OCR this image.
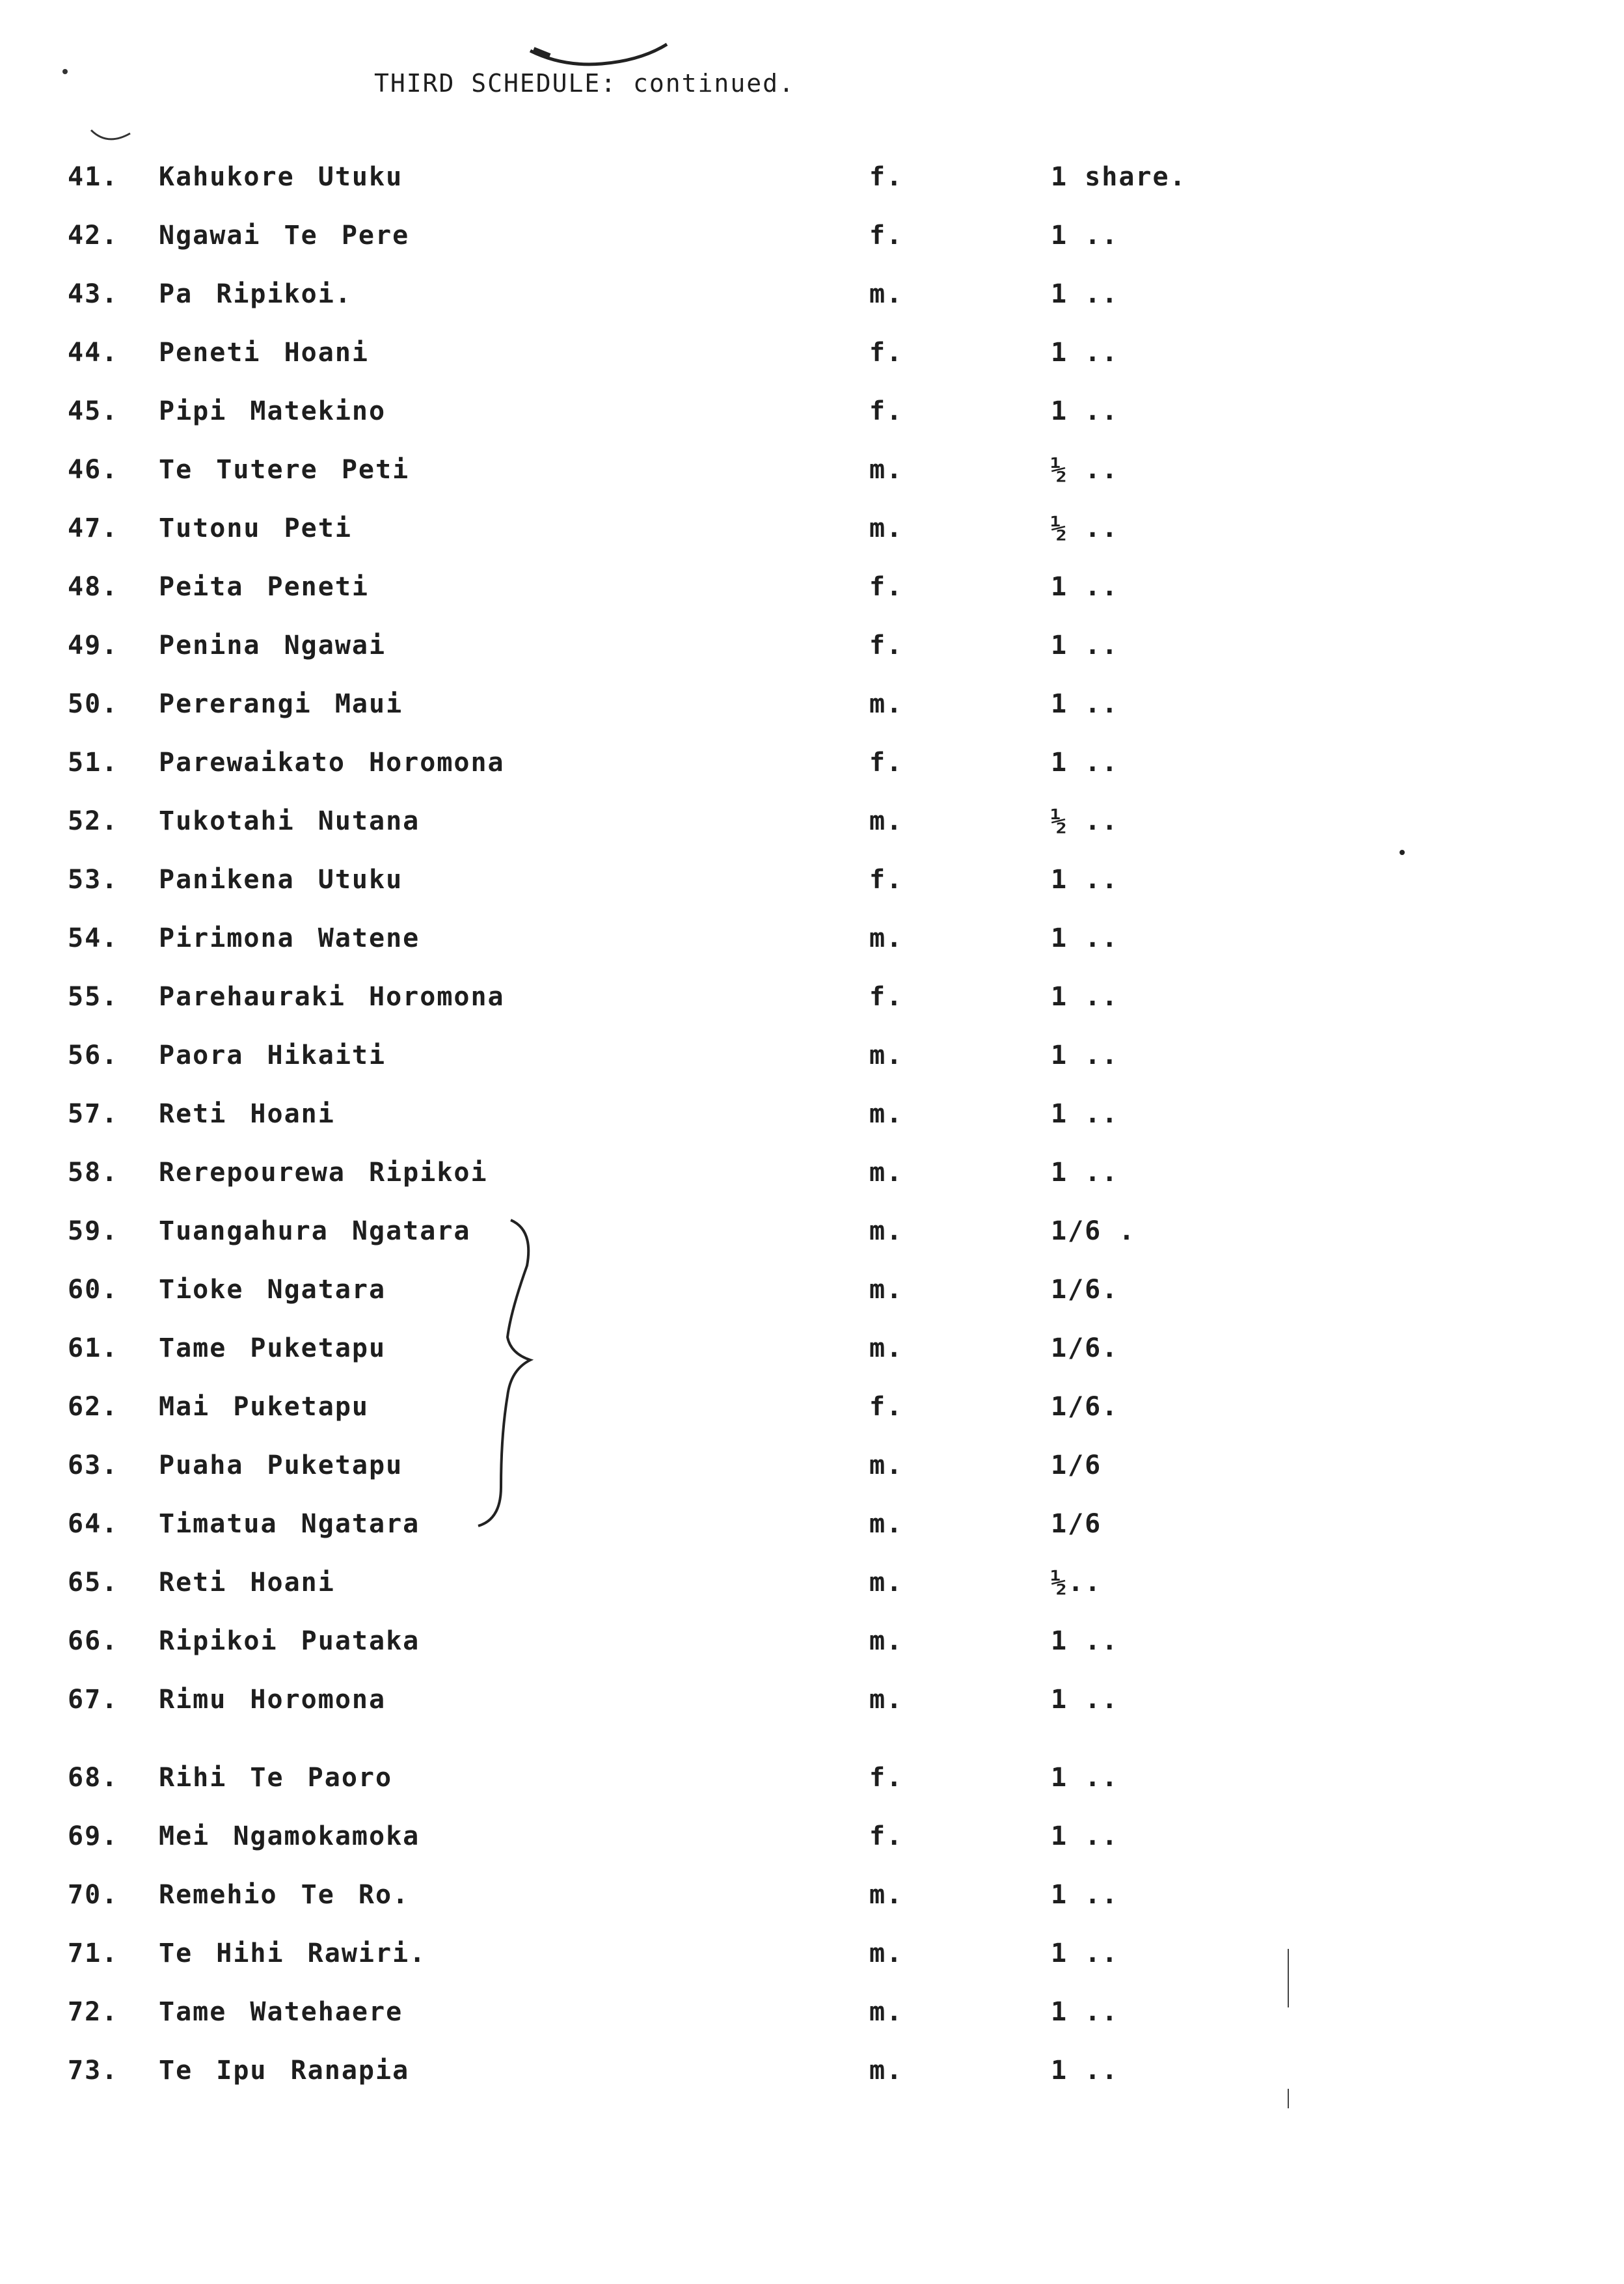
THIRD SCHEDULE: continued.
41. Kahukore Utuku	f.	1 share.
42. Ngawai Te Pere	f.	1 ..
43. Pa Ripikoi.	m.	1 ..
44. Peneti Hoani	f.	1 ..
45. Pipi Matekino	f.	1 ..
46. Te Tutere Peti	m.	½ ..
47. Tutonu Peti	m.	½ ..
48. Peita Peneti	f.	1 ..
49. Penina Ngawai	f.	1 ..
50. Pererangi Maui	m.	1 ..
51. Parewaikato Horomona	f.	1 ..
52. Tukotahi Nutana	m.	½ ..
53. Panikena Utuku	f.	1 ..
54. Pirimona Watene	m.	1 ..
55. Parehauraki Horomona	f.	1 ..
56. Paora Hikaiti	m.	1 ..
57. Reti Hoani	m.	1 ..
58. Rerepourewa Ripikoi	m.	1 ..
59. Tuangahura Ngatara	m.	1/6 .
60. Tioke Ngatara	m.	1/6.
61. Tame Puketapu	m.	1/6.
62. Mai Puketapu	f.	1/6.
63. Puaha Puketapu	m.	1/6
64. Timatua Ngatara	m.	1/6
65. Reti Hoani	m.	½..
66. Ripikoi Puataka	m.	1 ..
67. Rimu Horomona	m.	1 ..
68. Rihi Te Paoro	f.	1 ..
69. Mei Ngamokamoka	f.	1 ..
70. Remehio Te Ro.	m.	1 ..
71. Te Hihi Rawiri.	m.	1 ..
72. Tame Watehaere	m.	1 ..
73. Te Ipu Ranapia	m.	1 ..
